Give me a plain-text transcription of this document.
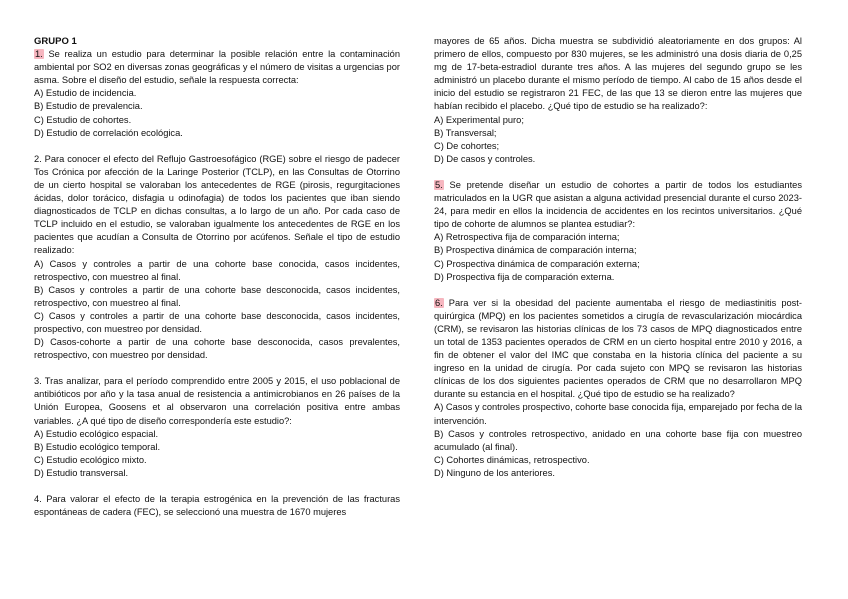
GRUPO 1

1. Se realiza un estudio para determinar la posible relación entre la contaminación ambiental por SO2 en diversas zonas geográficas y el número de visitas a urgencias por asma. Sobre el diseño del estudio, señale la respuesta correcta:

A) Estudio de incidencia.

B) Estudio de prevalencia.

C) Estudio de cohortes.

D) Estudio de correlación ecológica.

2. Para conocer el efecto del Reflujo Gastroesofágico (RGE) sobre el riesgo de padecer Tos Crónica por afección de la Laringe Posterior (TCLP), en las Consultas de Otorrino de un cierto hospital se valoraban los antecedentes de RGE (pirosis, regurgitaciones ácidas, dolor torácico, disfagia u odinofagia) de todos los pacientes que iban siendo diagnosticados de TCLP en dichas consultas, a lo largo de un año. Por cada caso de TCLP incluido en el estudio, se valoraban igualmente los antecedentes de RGE en los pacientes que acudían a Consulta de Otorrino por acúfenos. Señale el tipo de estudio realizado:

A) Casos y controles a partir de una cohorte base conocida, casos incidentes, retrospectivo, con muestreo al final.

B) Casos y controles a partir de una cohorte base desconocida, casos incidentes, retrospectivo, con muestreo al final.

C) Casos y controles a partir de una cohorte base desconocida, casos incidentes, prospectivo, con muestreo por densidad.

D) Casos-cohorte a partir de una cohorte base desconocida, casos prevalentes, retrospectivo, con muestreo por densidad.

3. Tras analizar, para el período comprendido entre 2005 y 2015, el uso poblacional de antibióticos por año y la tasa anual de resistencia a antimicrobianos en 26 países de la Unión Europea, Goosens et al observaron una correlación positiva entre ambas variables. ¿A qué tipo de diseño correspondería este estudio?:

A) Estudio ecológico espacial.

B) Estudio ecológico temporal.

C) Estudio ecológico mixto.

D) Estudio transversal.

4. Para valorar el efecto de la terapia estrogénica en la prevención de las fracturas espontáneas de cadera (FEC), se seleccionó una muestra de 1670 mujeres

mayores de 65 años. Dicha muestra se subdividió aleatoriamente en dos grupos: Al primero de ellos, compuesto por 830 mujeres, se les administró una dosis diaria de 0,25 mg de 17-beta-estradiol durante tres años. A las mujeres del segundo grupo se les administró un placebo durante el mismo período de tiempo. Al cabo de 15 años desde el inicio del estudio se registraron 21 FEC, de las que 13 se dieron entre las mujeres que habían recibido el placebo. ¿Qué tipo de estudio se ha realizado?:

A) Experimental puro;

B) Transversal;

C) De cohortes;

D) De casos y controles.

5. Se pretende diseñar un estudio de cohortes a partir de todos los estudiantes matriculados en la UGR que asistan a alguna actividad presencial durante el curso 2023-24, para medir en ellos la incidencia de accidentes en los recintos universitarios. ¿Qué tipo de cohorte de alumnos se plantea estudiar?:

A) Retrospectiva fija de comparación interna;

B) Prospectiva dinámica de comparación interna;

C) Prospectiva dinámica de comparación externa;

D) Prospectiva fija de comparación externa.

6. Para ver si la obesidad del paciente aumentaba el riesgo de mediastinitis post-quirúrgica (MPQ) en los pacientes sometidos a cirugía de revascularización miocárdica (CRM), se revisaron las historias clínicas de los 73 casos de MPQ diagnosticados entre un total de 1353 pacientes operados de CRM en un cierto hospital entre 2010 y 2016, a fin de obtener el valor del IMC que constaba en la historia clínica del paciente a su ingreso en la unidad de cirugía. Por cada sujeto con MPQ se revisaron las historias clínicas de los dos siguientes pacientes operados de CRM que no desarrollaron MPQ durante su estancia en el hospital. ¿Qué tipo de estudio se ha realizado?

A) Casos y controles prospectivo, cohorte base conocida fija, emparejado por fecha de la intervención.

B) Casos y controles retrospectivo, anidado en una cohorte base fija con muestreo acumulado (al final).

C) Cohortes dinámicas, retrospectivo.

D) Ninguno de los anteriores.
